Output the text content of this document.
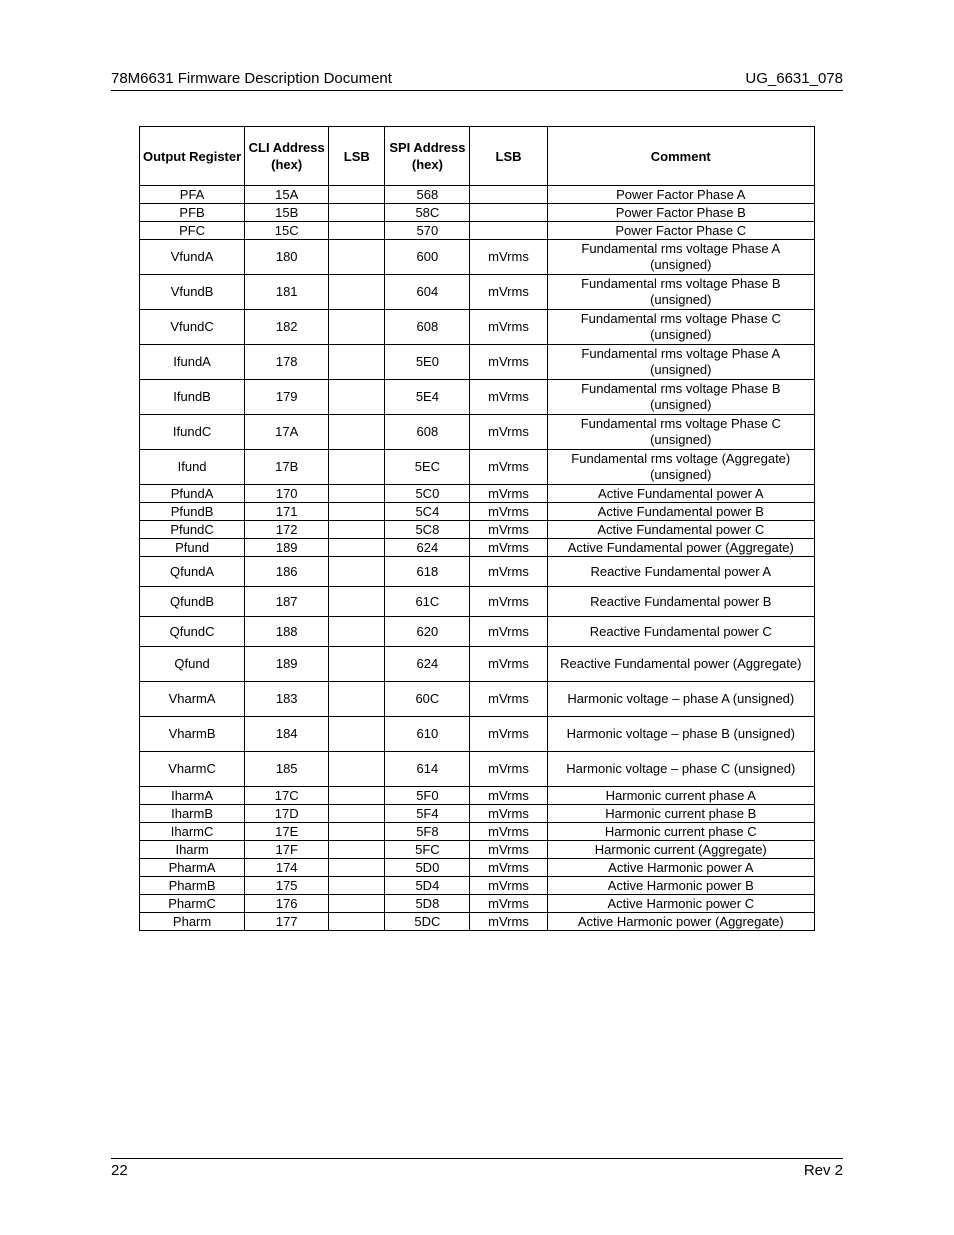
78M6631 Firmware Description Document	UG_6631_078
Output Register	CLI Address (hex)	LSB	SPI Address (hex)	LSB	Comment
PFA	15A		568		Power Factor Phase A
PFB	15B		58C		Power Factor Phase B
PFC	15C		570		Power Factor Phase C
VfundA	180		600	mVrms	Fundamental rms voltage Phase A (unsigned)
VfundB	181		604	mVrms	Fundamental rms voltage Phase B (unsigned)
VfundC	182		608	mVrms	Fundamental rms voltage Phase C (unsigned)
IfundA	178		5E0	mVrms	Fundamental rms voltage Phase A (unsigned)
IfundB	179		5E4	mVrms	Fundamental rms voltage Phase B (unsigned)
IfundC	17A		608	mVrms	Fundamental rms voltage Phase C (unsigned)
Ifund	17B		5EC	mVrms	Fundamental rms voltage (Aggregate) (unsigned)
PfundA	170		5C0	mVrms	Active Fundamental power A
PfundB	171		5C4	mVrms	Active Fundamental power B
PfundC	172		5C8	mVrms	Active Fundamental power C
Pfund	189		624	mVrms	Active Fundamental power (Aggregate)
QfundA	186		618	mVrms	Reactive Fundamental power A
QfundB	187		61C	mVrms	Reactive Fundamental power B
QfundC	188		620	mVrms	Reactive Fundamental power C
Qfund	189		624	mVrms	Reactive Fundamental power (Aggregate)
VharmA	183		60C	mVrms	Harmonic voltage – phase A (unsigned)
VharmB	184		610	mVrms	Harmonic voltage – phase B (unsigned)
VharmC	185		614	mVrms	Harmonic voltage – phase C (unsigned)
IharmA	17C		5F0	mVrms	Harmonic current phase A
IharmB	17D		5F4	mVrms	Harmonic current phase B
IharmC	17E		5F8	mVrms	Harmonic current phase C
Iharm	17F		5FC	mVrms	Harmonic current (Aggregate)
PharmA	174		5D0	mVrms	Active Harmonic power A
PharmB	175		5D4	mVrms	Active Harmonic power B
PharmC	176		5D8	mVrms	Active Harmonic power C
Pharm	177		5DC	mVrms	Active Harmonic power (Aggregate)
22	Rev 2
